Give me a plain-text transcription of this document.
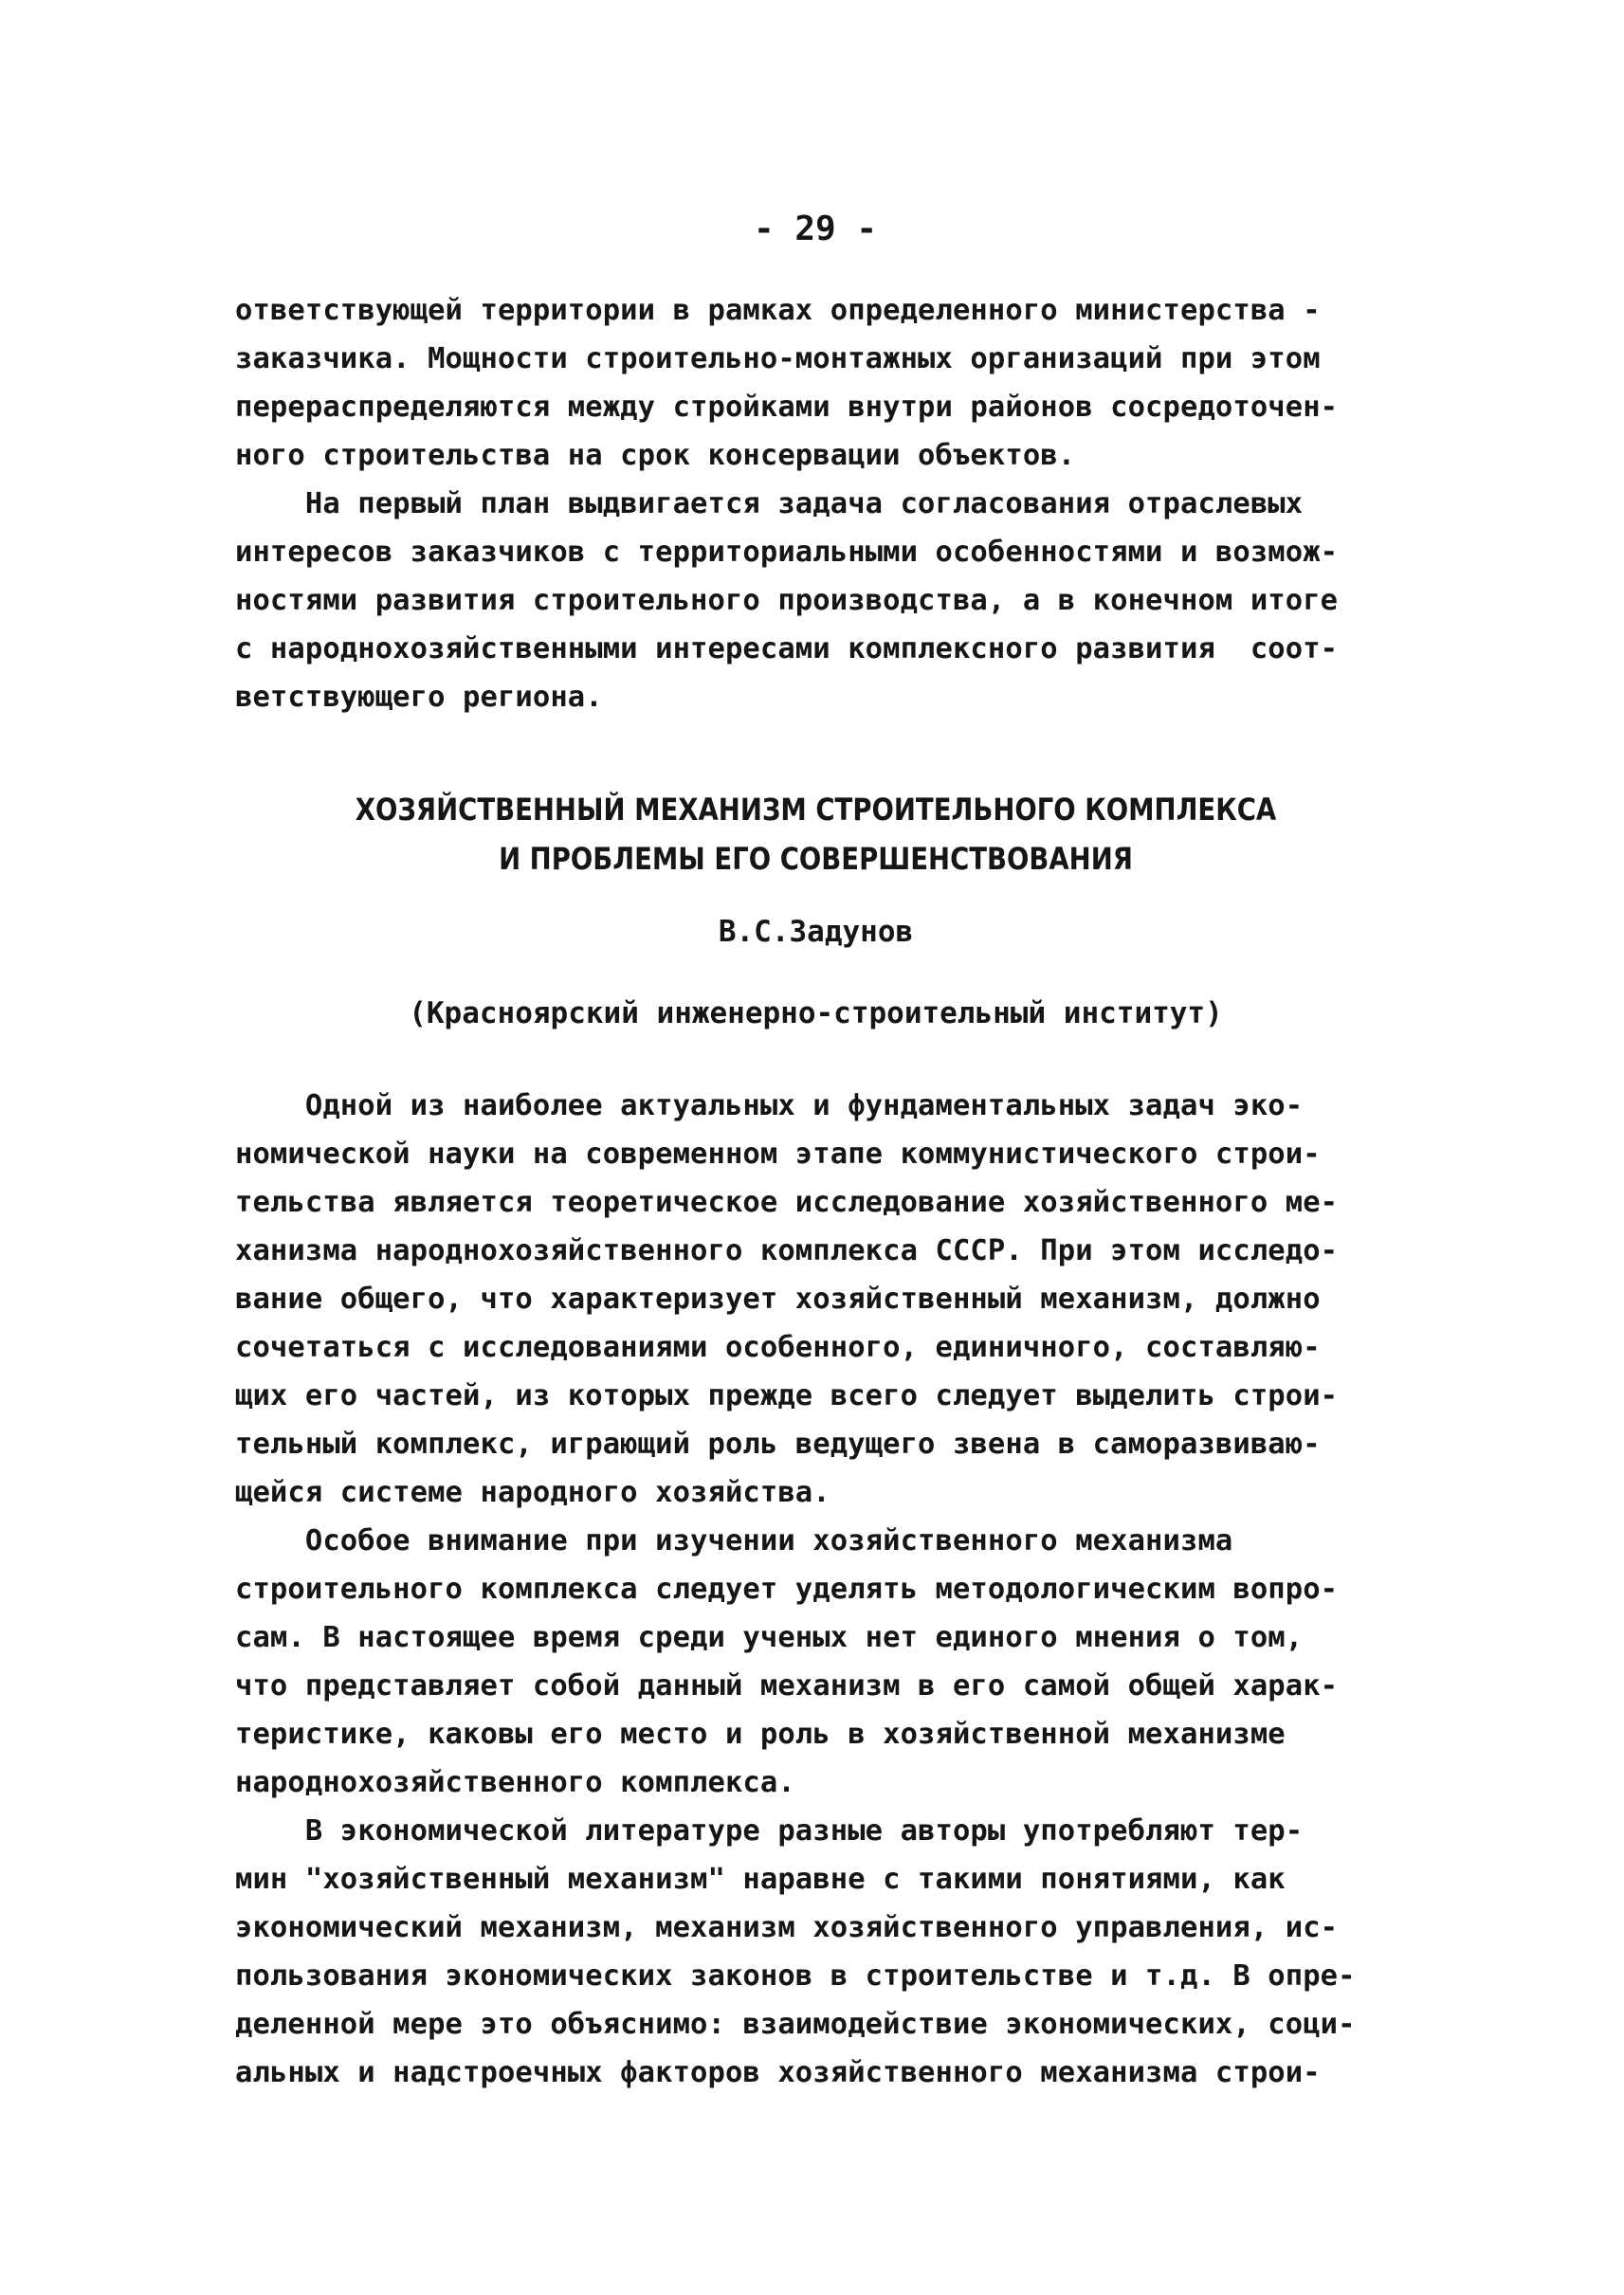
- 29 -
ответствующей территории в рамках определенного министерства -
заказчика. Мощности строительно-монтажных организаций при этом
перераспределяются между стройками внутри районов сосредоточен-
ного строительства на срок консервации объектов.
На первый план выдвигается задача согласования отраслевых
интересов заказчиков с территориальными особенностями и возмож-
ностями развития строительного производства, а в конечном итоге
с народнохозяйственными интересами комплексного развития  соот-
ветствующего региона.
ХОЗЯЙСТВЕННЫЙ МЕХАНИЗМ СТРОИТЕЛЬНОГО КОМПЛЕКСА
И ПРОБЛЕМЫ ЕГО СОВЕРШЕНСТВОВАНИЯ
В.С.Задунов
(Красноярский инженерно-строительный институт)
Одной из наиболее актуальных и фундаментальных задач эко-
номической науки на современном этапе коммунистического строи-
тельства является теоретическое исследование хозяйственного ме-
ханизма народнохозяйственного комплекса СССР. При этом исследо-
вание общего, что характеризует хозяйственный механизм, должно
сочетаться с исследованиями особенного, единичного, составляю-
щих его частей, из которых прежде всего следует выделить строи-
тельный комплекс, играющий роль ведущего звена в саморазвиваю-
щейся системе народного хозяйства.
Особое внимание при изучении хозяйственного механизма
строительного комплекса следует уделять методологическим вопро-
сам. В настоящее время среди ученых нет единого мнения о том,
что представляет собой данный механизм в его самой общей харак-
теристике, каковы его место и роль в хозяйственной механизме
народнохозяйственного комплекса.
В экономической литературе разные авторы употребляют тер-
мин "хозяйственный механизм" наравне с такими понятиями, как
экономический механизм, механизм хозяйственного управления, ис-
пользования экономических законов в строительстве и т.д. В опре-
деленной мере это объяснимо: взаимодействие экономических, соци-
альных и надстроечных факторов хозяйственного механизма строи-
